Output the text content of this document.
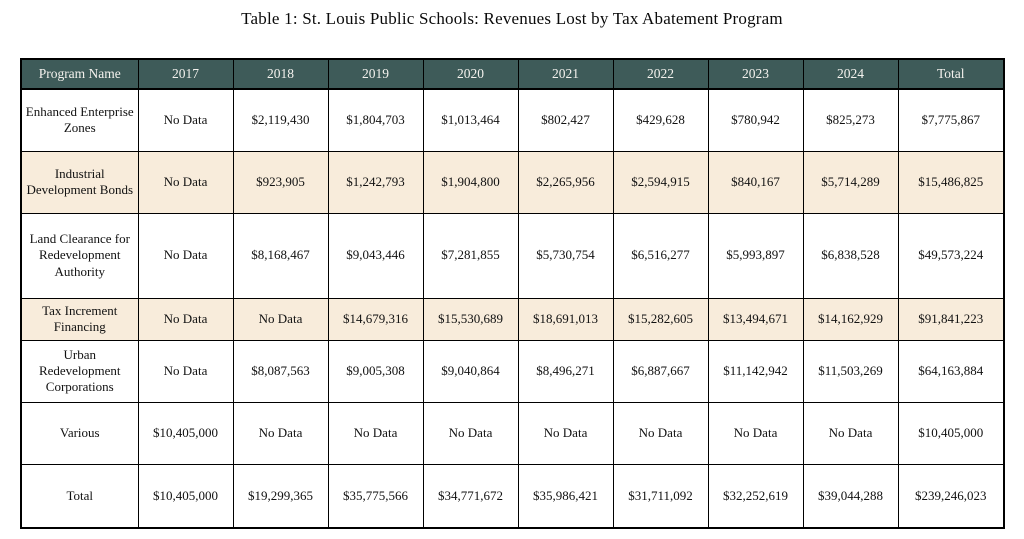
Table 1: St. Louis Public Schools: Revenues Lost by Tax Abatement Program
Program Name	2017	2018	2019	2020	2021	2022	2023	2024	Total
Enhanced Enterprise Zones	No Data	$2,119,430	$1,804,703	$1,013,464	$802,427	$429,628	$780,942	$825,273	$7,775,867
Industrial Development Bonds	No Data	$923,905	$1,242,793	$1,904,800	$2,265,956	$2,594,915	$840,167	$5,714,289	$15,486,825
Land Clearance for Redevelopment Authority	No Data	$8,168,467	$9,043,446	$7,281,855	$5,730,754	$6,516,277	$5,993,897	$6,838,528	$49,573,224
Tax Increment Financing	No Data	No Data	$14,679,316	$15,530,689	$18,691,013	$15,282,605	$13,494,671	$14,162,929	$91,841,223
Urban Redevelopment Corporations	No Data	$8,087,563	$9,005,308	$9,040,864	$8,496,271	$6,887,667	$11,142,942	$11,503,269	$64,163,884
Various	$10,405,000	No Data	No Data	No Data	No Data	No Data	No Data	No Data	$10,405,000
Total	$10,405,000	$19,299,365	$35,775,566	$34,771,672	$35,986,421	$31,711,092	$32,252,619	$39,044,288	$239,246,023
